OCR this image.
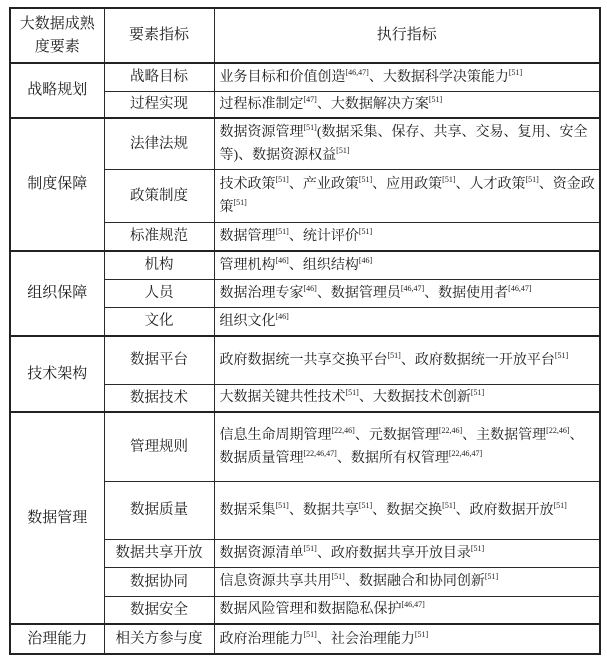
大数据成熟度要素	要素指标	执行指标
战略规划	战略目标	业务目标和价值创造[46,47]、大数据科学决策能力[51]
	过程实现	过程标准制定[47]、大数据解决方案[51]
制度保障	法律法规	数据资源管理[51](数据采集、保存、共享、交易、复用、安全等)、数据资源权益[51]
	政策制度	技术政策[51]、产业政策[51]、应用政策[51]、人才政策[51]、资金政策[51]
	标准规范	数据管理[51]、统计评价[51]
组织保障	机构	管理机构[46]、组织结构[46]
	人员	数据治理专家[46]、数据管理员[46,47]、数据使用者[46,47]
	文化	组织文化[46]
技术架构	数据平台	政府数据统一共享交换平台[51]、政府数据统一开放平台[51]
	数据技术	大数据关键共性技术[51]、大数据技术创新[51]
数据管理	管理规则	信息生命周期管理[22,46]、元数据管理[22,46]、主数据管理[22,46]、数据质量管理[22,46,47]、数据所有权管理[22,46,47]
	数据质量	数据采集[51]、数据共享[51]、数据交换[51]、政府数据开放[51]
	数据共享开放	数据资源清单[51]、政府数据共享开放目录[51]
	数据协同	信息资源共享共用[51]、数据融合和协同创新[51]
	数据安全	数据风险管理和数据隐私保护[46,47]
治理能力	相关方参与度	政府治理能力[51]、社会治理能力[51]
